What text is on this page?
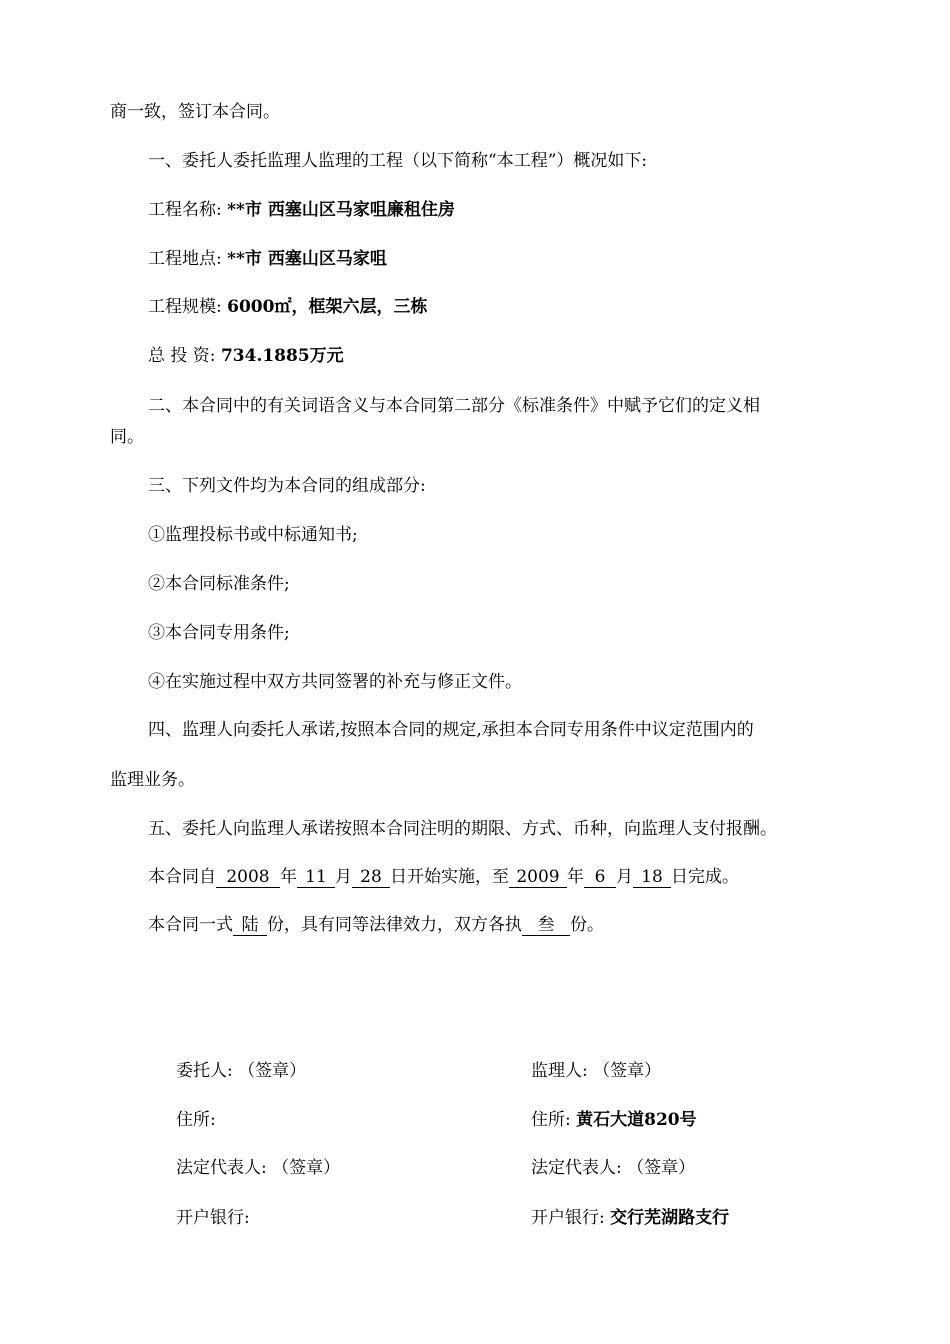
商一致，签订本合同。
一、委托人委托监理人监理的工程（以下简称“本工程”）概况如下:
工程名称: **市 西塞山区马家咀廉租住房
工程地点: **市 西塞山区马家咀
工程规模: 6000㎡，框架六层，三栋
总 投 资: 734.1885万元
二、本合同中的有关词语含义与本合同第二部分《标准条件》中赋予它们的定义相
同。
三、下列文件均为本合同的组成部分:
①监理投标书或中标通知书;
②本合同标准条件;
③本合同专用条件;
④在实施过程中双方共同签署的补充与修正文件。
四、监理人向委托人承诺,按照本合同的规定,承担本合同专用条件中议定范围内的
监理业务。
五、委托人向监理人承诺按照本合同注明的期限、方式、币种，向监理人支付报酬。
本合同自 2008 年 11 月 28 日开始实施，至 2009 年 6 月 18 日完成。
本合同一式 陆 份，具有同等法律效力，双方各执 叁 份。
委托人: （签章）
住所:
法定代表人: （签章）
开户银行:
监理人: （签章）
住所: 黄石大道820号
法定代表人: （签章）
开户银行: 交行芜湖路支行
